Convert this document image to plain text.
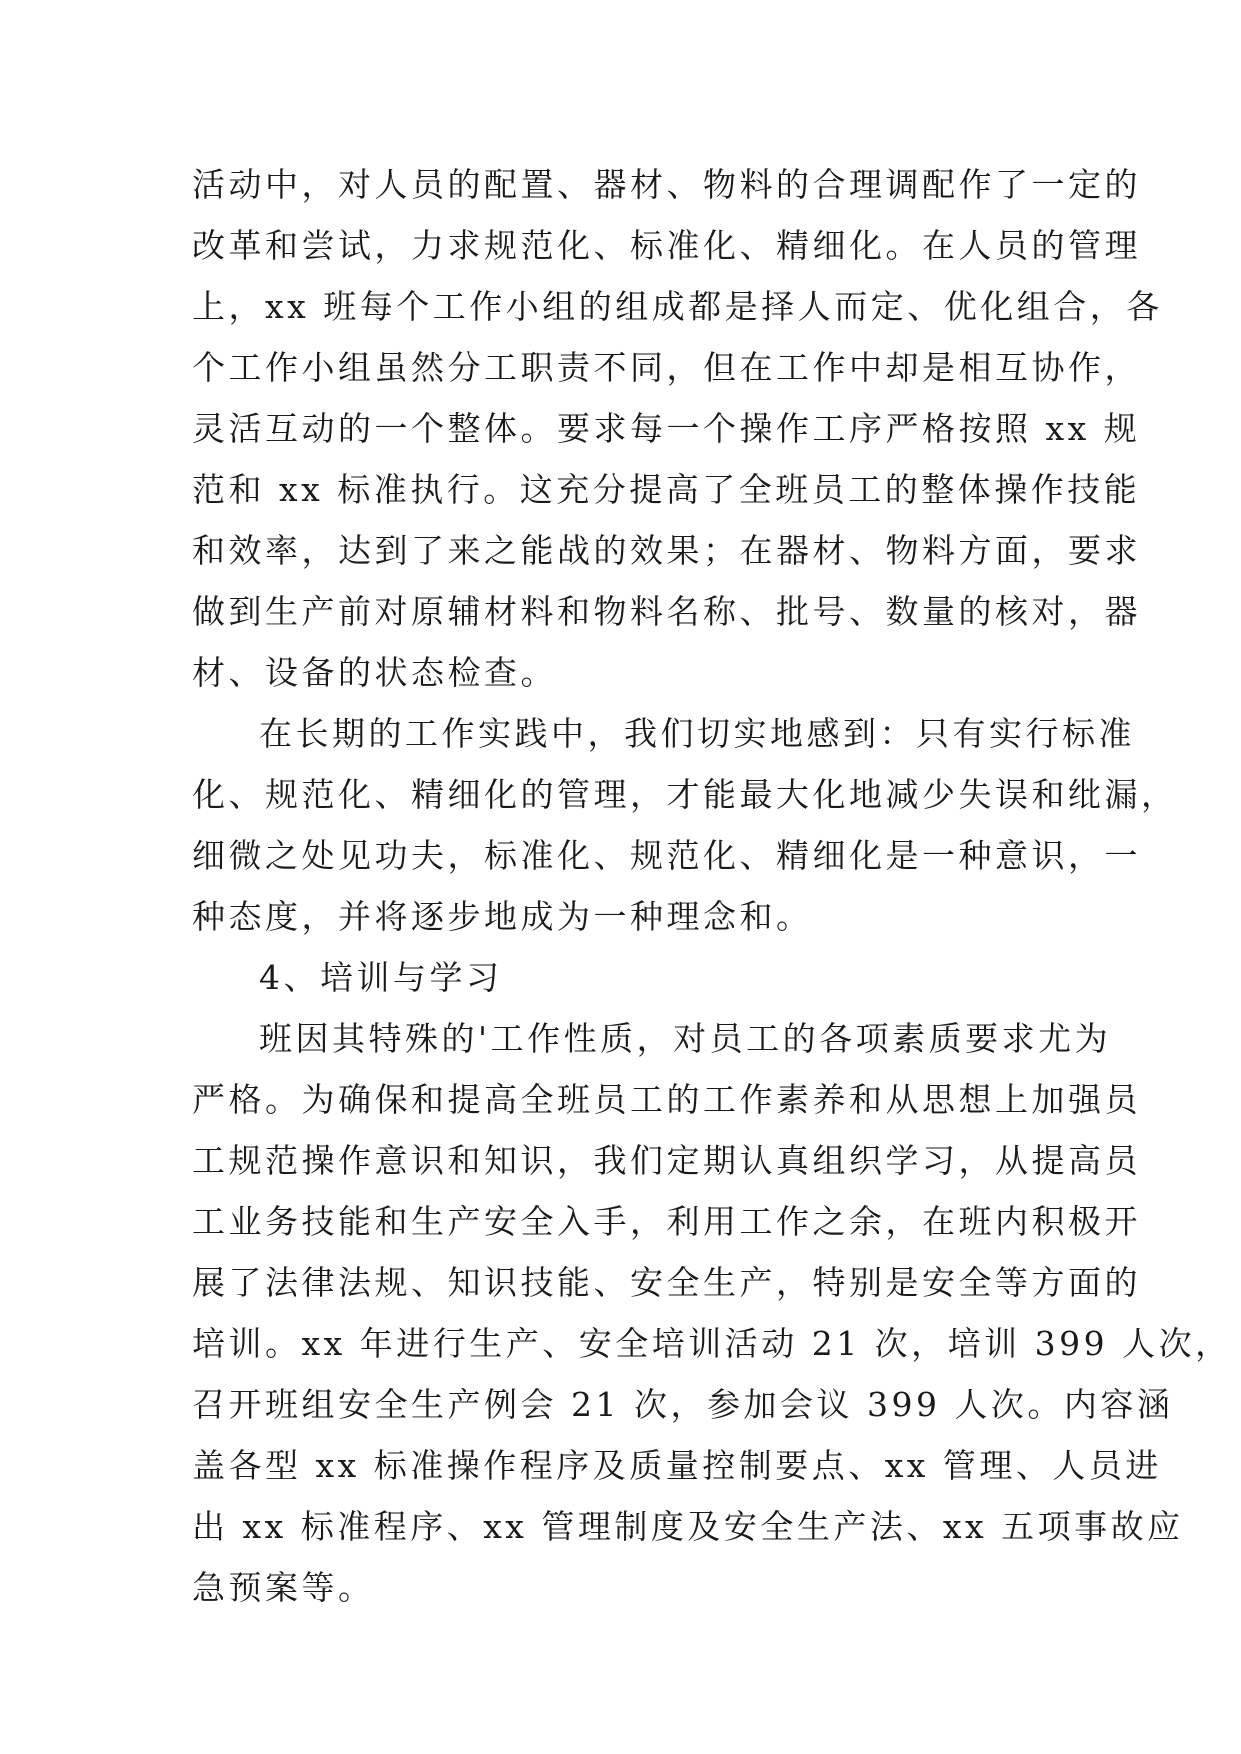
活动中，对人员的配置、器材、物料的合理调配作了一定的
改革和尝试，力求规范化、标准化、精细化。在人员的管理
上，xx 班每个工作小组的组成都是择人而定、优化组合，各
个工作小组虽然分工职责不同，但在工作中却是相互协作，
灵活互动的一个整体。要求每一个操作工序严格按照 xx 规
范和 xx 标准执行。这充分提高了全班员工的整体操作技能
和效率，达到了来之能战的效果；在器材、物料方面，要求
做到生产前对原辅材料和物料名称、批号、数量的核对，器
材、设备的状态检查。
在长期的工作实践中，我们切实地感到：只有实行标准
化、规范化、精细化的管理，才能最大化地减少失误和纰漏，
细微之处见功夫，标准化、规范化、精细化是一种意识，一
种态度，并将逐步地成为一种理念和。
4、培训与学习
班因其特殊的'工作性质，对员工的各项素质要求尤为
严格。为确保和提高全班员工的工作素养和从思想上加强员
工规范操作意识和知识，我们定期认真组织学习，从提高员
工业务技能和生产安全入手，利用工作之余，在班内积极开
展了法律法规、知识技能、安全生产，特别是安全等方面的
培训。xx 年进行生产、安全培训活动 21 次，培训 399 人次，
召开班组安全生产例会 21 次，参加会议 399 人次。内容涵
盖各型 xx 标准操作程序及质量控制要点、xx 管理、人员进
出 xx 标准程序、xx 管理制度及安全生产法、xx 五项事故应
急预案等。
